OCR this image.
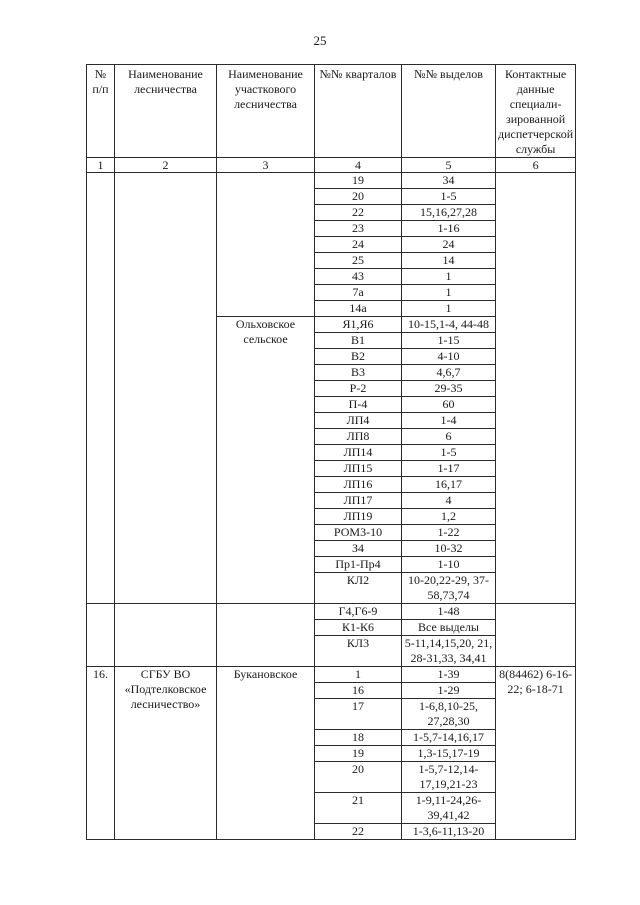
25
№ п/п	Наименование лесничества	Наименование участкового лесничества	№№ кварталов	№№ выделов	Контактные данные специали-зированной диспетчерской службы
1	2	3	4	5	6
			19	34	
			20	1-5	
			22	15,16,27,28	
			23	1-16	
			24	24	
			25	14	
			43	1	
			7а	1	
			14а	1	
		Ольховское сельское	Я1,Я6	10-15,1-4, 44-48	
			В1	1-15	
			В2	4-10	
			В3	4,6,7	
			Р-2	29-35	
			П-4	60	
			ЛП4	1-4	
			ЛП8	6	
			ЛП14	1-5	
			ЛП15	1-17	
			ЛП16	16,17	
			ЛП17	4	
			ЛП19	1,2	
			РОМ3-10	1-22	
			З4	10-32	
			Пр1-Пр4	1-10	
			КЛ2	10-20,22-29, 37-58,73,74	
			Г4,Г6-9	1-48	
			К1-К6	Все выделы	
			КЛ3	5-11,14,15,20, 21, 28-31,33, 34,41	
16.	СГБУ ВО «Подтелковское лесничество»	Букановское	1	1-39	8(84462) 6-16-22; 6-18-71
			16	1-29	
			17	1-6,8,10-25, 27,28,30	
			18	1-5,7-14,16,17	
			19	1,3-15,17-19	
			20	1-5,7-12,14-17,19,21-23	
			21	1-9,11-24,26-39,41,42	
			22	1-3,6-11,13-20	
